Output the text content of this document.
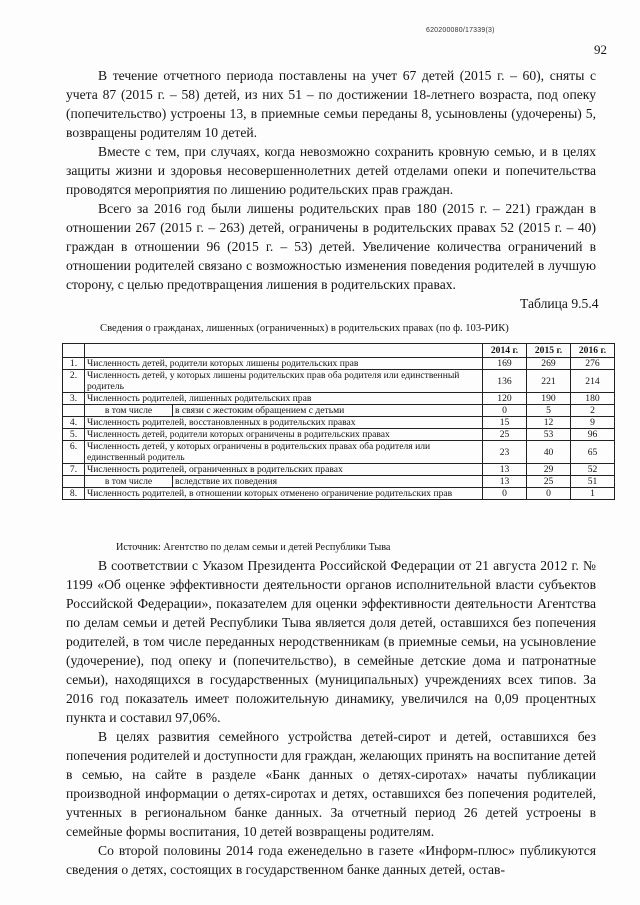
620200080/17339(3)
92

В течение отчетного периода поставлены на учет 67 детей (2015 г. – 60), сняты с учета 87 (2015 г. – 58) детей, из них 51 – по достижении 18-летнего возраста, под опеку (попечительство) устроены 13, в приемные семьи переданы 8, усыновлены (удочерены) 5, возвращены родителям 10 детей.

Вместе с тем, при случаях, когда невозможно сохранить кровную семью, и в целях защиты жизни и здоровья несовершеннолетних детей отделами опеки и попечительства проводятся мероприятия по лишению родительских прав граждан.

Всего за 2016 год были лишены родительских прав 180 (2015 г. – 221) граждан в отношении 267 (2015 г. – 263) детей, ограничены в родительских правах 52 (2015 г. – 40) граждан в отношении 96 (2015 г. – 53) детей. Увеличение количества ограничений в отношении родителей связано с возможностью изменения поведения родителей в лучшую сторону, с целью предотвращения лишения в родительских правах.

Таблица 9.5.4
Сведения о гражданах, лишенных (ограниченных) в родительских правах (по ф. 103-РИК)
			2014 г.	2015 г.	2016 г.
1.	Численность детей, родители которых лишены родительских прав		169	269	276
2.	Численность детей, у которых лишены родительских прав оба родителя или единственный родитель		136	221	214
3.	Численность родителей, лишенных родительских прав		120	190	180
	в том числе	в связи с жестоким обращением с детьми	0	5	2
4.	Численность родителей, восстановленных в родительских правах		15	12	9
5.	Численность детей, родители которых ограничены в родительских правах		25	53	96
6.	Численность детей, у которых ограничены в родительских правах оба родителя или единственный родитель		23	40	65
7.	Численность родителей, ограниченных в родительских правах		13	29	52
	в том числе	вследствие их поведения	13	25	51
8.	Численность родителей, в отношении которых отменено ограничение родительских прав		0	0	1
Источник: Агентство по делам семьи и детей Республики Тыва

В соответствии с Указом Президента Российской Федерации от 21 августа 2012 г. № 1199 «Об оценке эффективности деятельности органов исполнительной власти субъектов Российской Федерации», показателем для оценки эффективности деятельности Агентства по делам семьи и детей Республики Тыва является доля детей, оставшихся без попечения родителей, в том числе переданных неродственникам (в приемные семьи, на усыновление (удочерение), под опеку и (попечительство), в семейные детские дома и патронатные семьи), находящихся в государственных (муниципальных) учреждениях всех типов. За 2016 год показатель имеет положительную динамику, увеличился на 0,09 процентных пункта и составил 97,06%.

В целях развития семейного устройства детей-сирот и детей, оставшихся без попечения родителей и доступности для граждан, желающих принять на воспитание детей в семью, на сайте в разделе «Банк данных о детях-сиротах» начаты публикации производной информации о детях-сиротах и детях, оставшихся без попечения родителей, учтенных в региональном банке данных. За отчетный период 26 детей устроены в семейные формы воспитания, 10 детей возвращены родителям.

Со второй половины 2014 года еженедельно в газете «Информ-плюс» публикуются сведения о детях, состоящих в государственном банке данных детей, остав-
